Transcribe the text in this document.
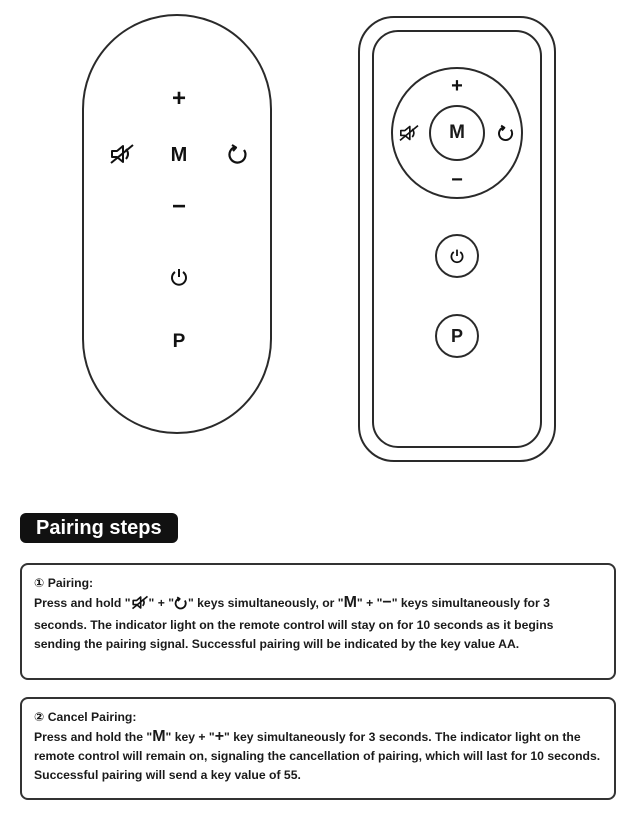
+
M
−
P
+
M
−
P
Pairing steps
① Pairing:
Press and hold " " + " " keys simultaneously, or "M" + "−" keys simultaneously for 3 seconds. The indicator light on the remote control will stay on for 10 seconds as it begins sending the pairing signal. Successful pairing will be indicated by the key value AA.
② Cancel Pairing:
Press and hold the "M" key + "+" key simultaneously for 3 seconds. The indicator light on the remote control will remain on, signaling the cancellation of pairing, which will last for 10 seconds. Successful pairing will send a key value of 55.
